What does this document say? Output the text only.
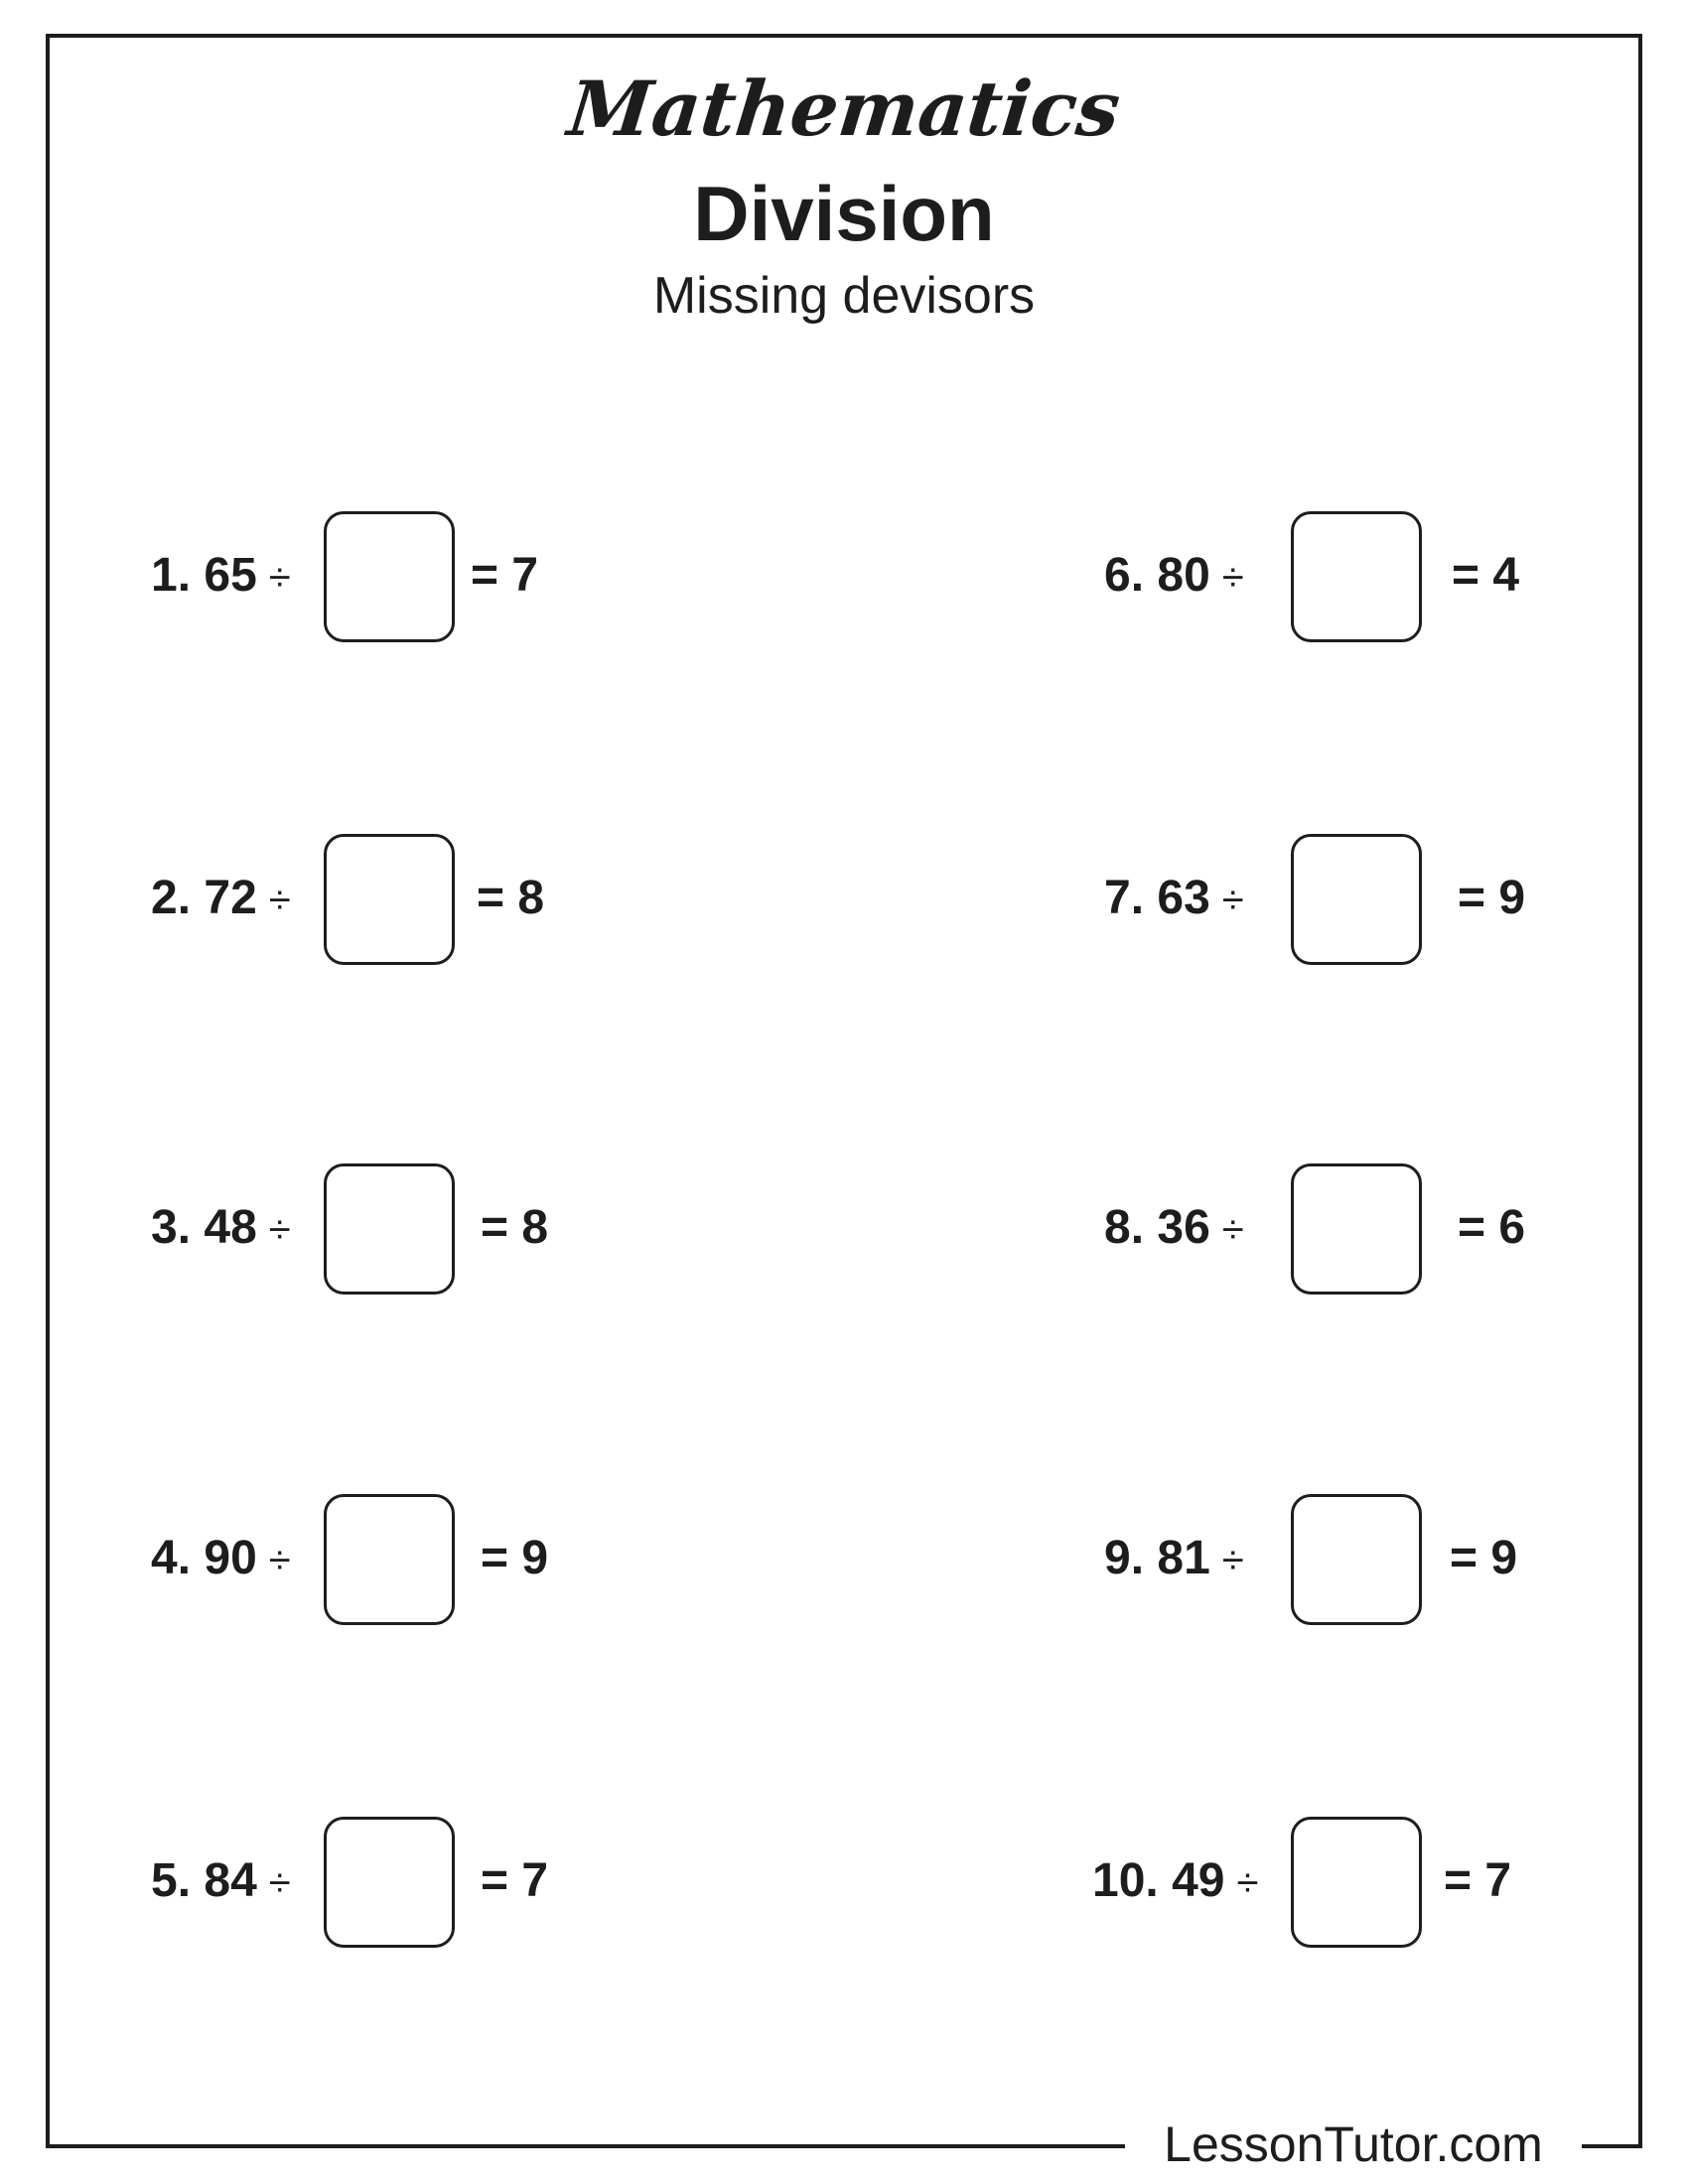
Mathematics
Division
Missing devisors
1. 65 ÷	= 7
2. 72 ÷	= 8
3. 48 ÷	= 8
4. 90 ÷	= 9
5. 84 ÷	= 7
6. 80 ÷	= 4
7. 63 ÷	= 9
8. 36 ÷	= 6
9. 81 ÷	= 9
10. 49 ÷	= 7
LessonTutor.com
